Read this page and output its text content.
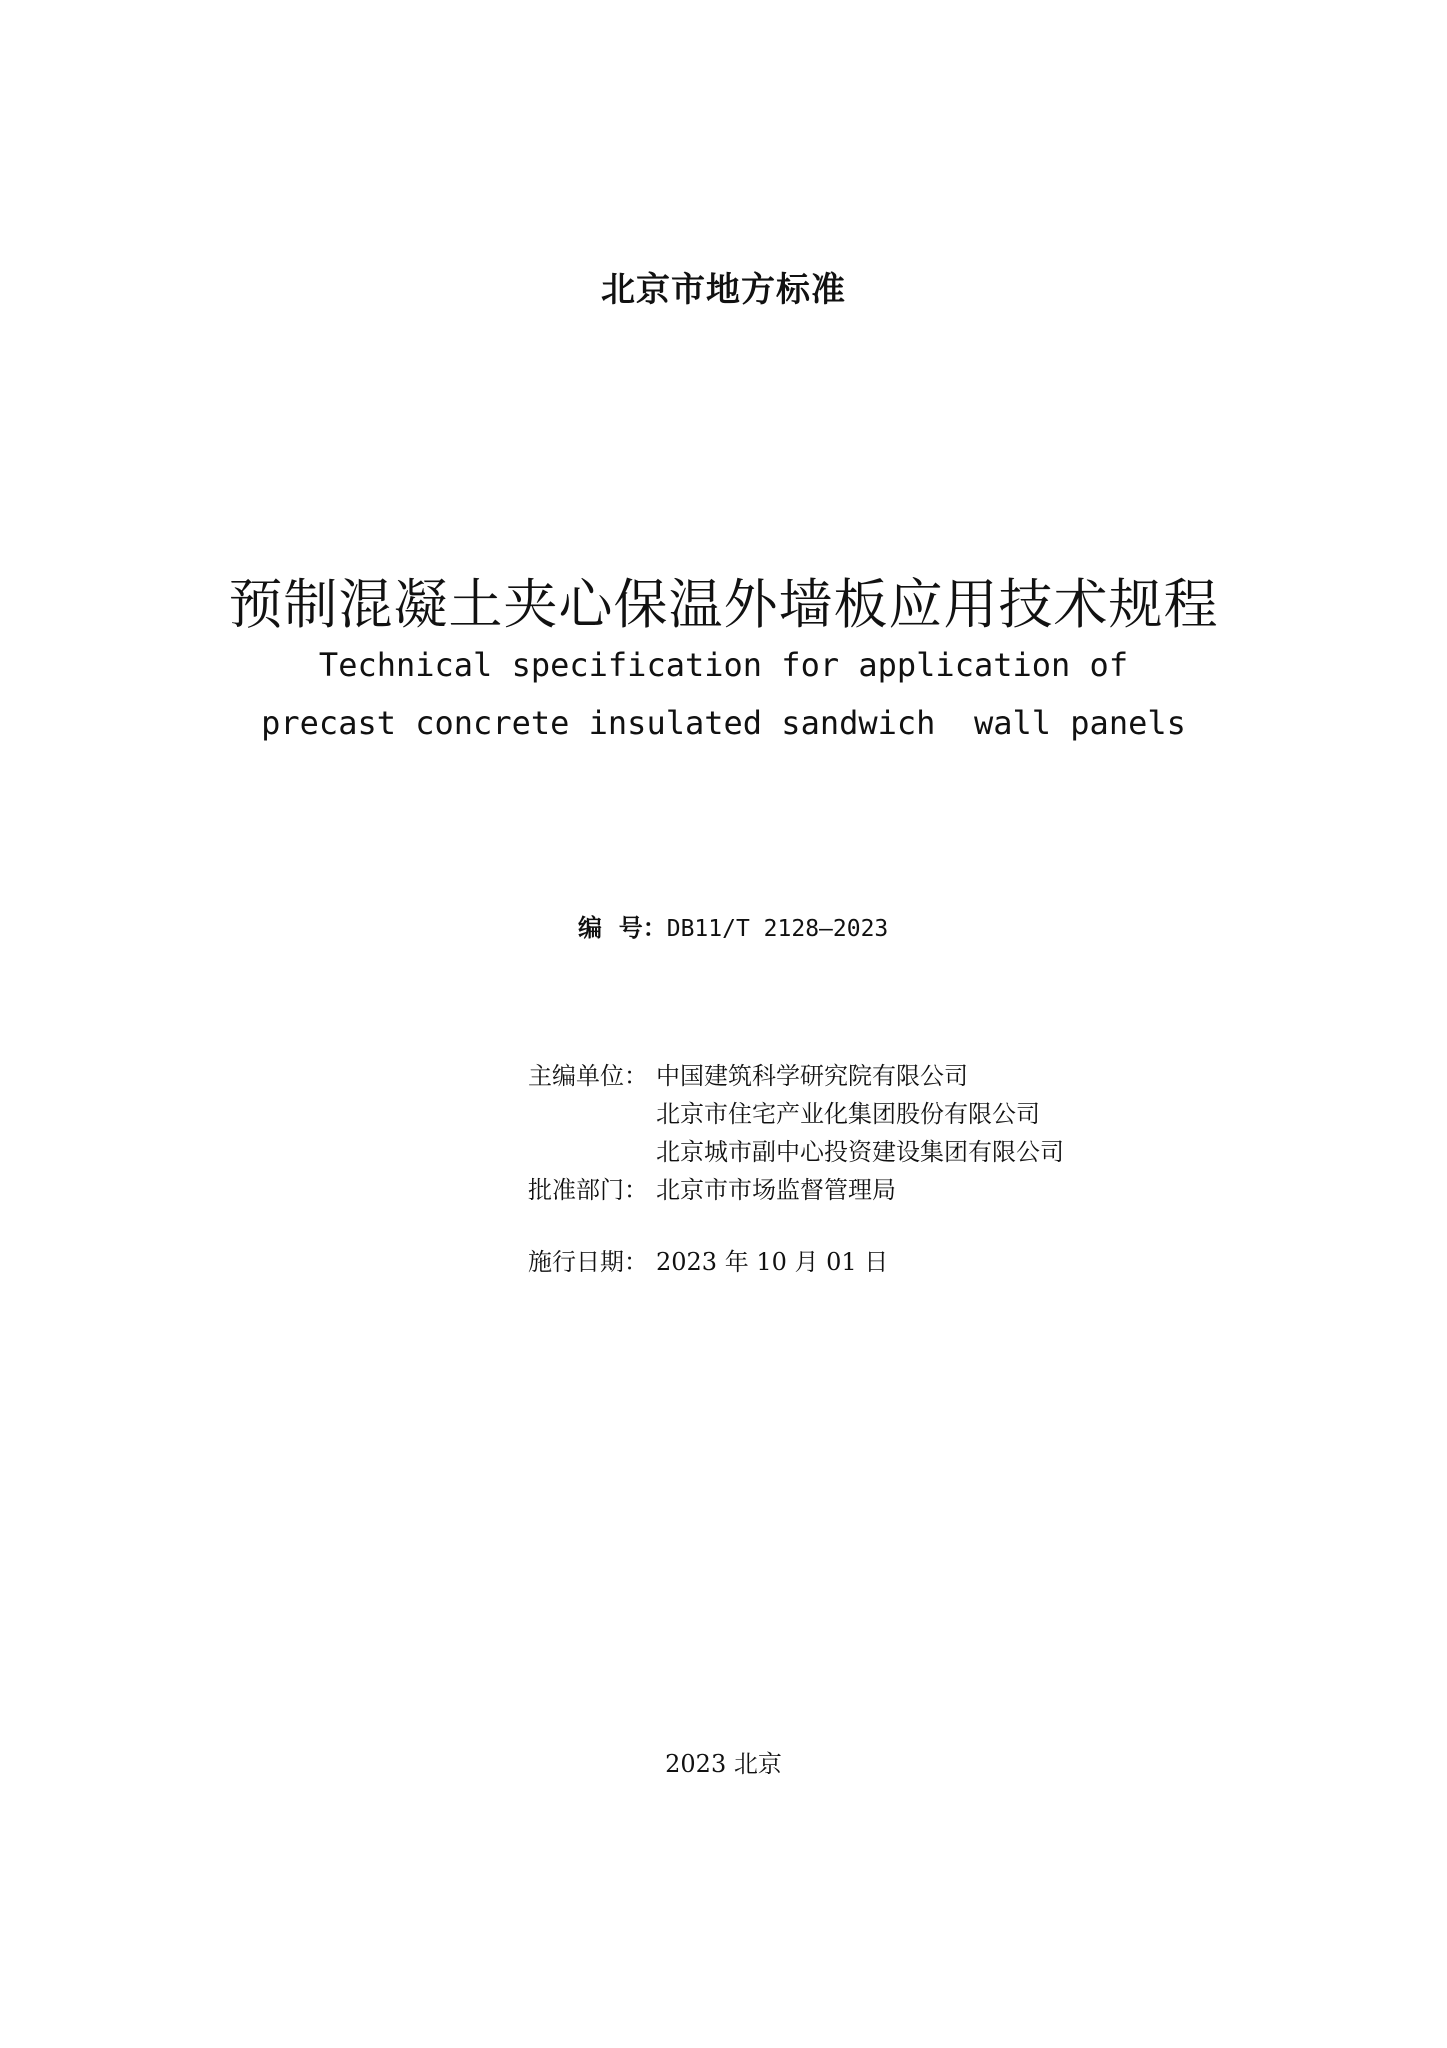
北京市地方标准
预制混凝土夹心保温外墙板应用技术规程
Technical specification for application of
precast concrete insulated sandwich  wall panels
编  号：DB11/T 2128—2023
主编单位： 中国建筑科学研究院有限公司
北京市住宅产业化集团股份有限公司
北京城市副中心投资建设集团有限公司
批准部门： 北京市市场监督管理局
施行日期： 2023 年 10 月 01 日
2023 北京
